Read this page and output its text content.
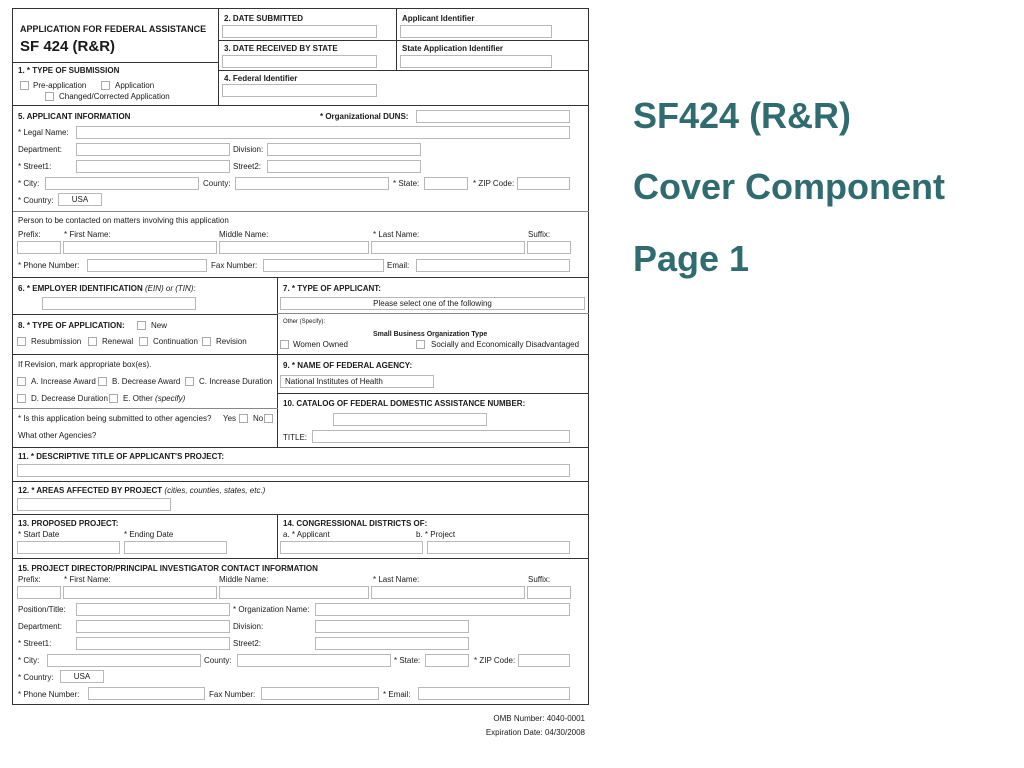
SF424 (R&R)
Cover Component
Page 1
APPLICATION FOR FEDERAL ASSISTANCE
SF 424 (R&R)
2. DATE SUBMITTED	Applicant Identifier
3. DATE RECEIVED BY STATE	State Application Identifier
4. Federal Identifier
1. * TYPE OF SUBMISSION
Pre-application	Application
Changed/Corrected Application
5. APPLICANT INFORMATION	* Organizational DUNS:
* Legal Name:
Department:	Division:
* Street1:	Street2:
* City:	County:	* State:	* ZIP Code:
* Country:	USA
Person to be contacted on matters involving this application
Prefix:	* First Name:	Middle Name:	* Last Name:	Suffix:
* Phone Number:	Fax Number:	Email:
6. * EMPLOYER IDENTIFICATION (EIN) or (TIN):	7. * TYPE OF APPLICANT:
Please select one of the following
Other (Specify):
Small Business Organization Type
Women Owned	Socially and Economically Disadvantaged
8. * TYPE OF APPLICATION:	New
Resubmission	Renewal Continuation Revision
If Revision, mark appropriate box(es).
A. Increase Award B. Decrease Award C. Increase Duration
D. Decrease Duration E. Other (specify)
* Is this application being submitted to other agencies? Yes No
What other Agencies?
9. * NAME OF FEDERAL AGENCY:
National Institutes of Health
10. CATALOG OF FEDERAL DOMESTIC ASSISTANCE NUMBER:
TITLE:
11. * DESCRIPTIVE TITLE OF APPLICANT'S PROJECT:
12. * AREAS AFFECTED BY PROJECT (cities, counties, states, etc.)
13. PROPOSED PROJECT:
* Start Date	* Ending Date
14. CONGRESSIONAL DISTRICTS OF:
a. * Applicant	b. * Project
15. PROJECT DIRECTOR/PRINCIPAL INVESTIGATOR CONTACT INFORMATION
Prefix:	* First Name:	Middle Name:	* Last Name:	Suffix:
Position/Title:	* Organization Name:
Department:	Division:
* Street1:	Street2:
* City:	County:	* State:	* ZIP Code:
* Country:	USA
* Phone Number:	Fax Number:	* Email:
OMB Number: 4040-0001
Expiration Date: 04/30/2008
